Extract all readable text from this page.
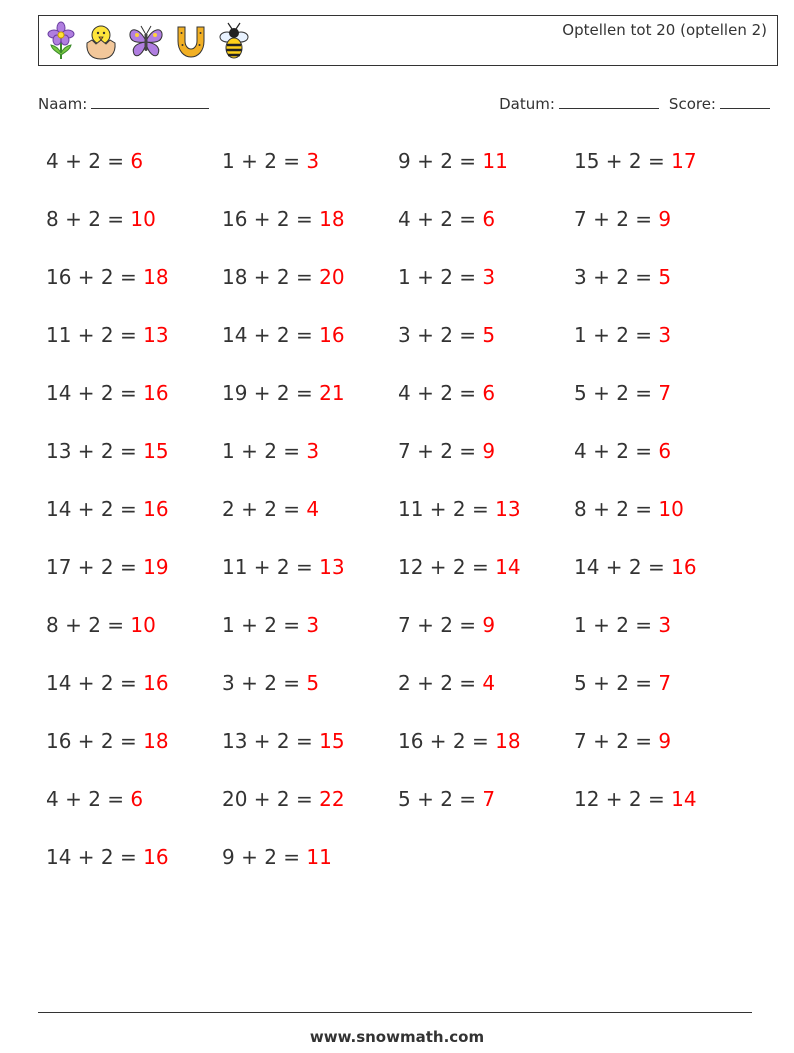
Optellen tot 20 (optellen 2)
Naam:	Datum:	Score:
4 + 2 = 6	1 + 2 = 3	9 + 2 = 11	15 + 2 = 17
8 + 2 = 10	16 + 2 = 18	4 + 2 = 6	7 + 2 = 9
16 + 2 = 18	18 + 2 = 20	1 + 2 = 3	3 + 2 = 5
11 + 2 = 13	14 + 2 = 16	3 + 2 = 5	1 + 2 = 3
14 + 2 = 16	19 + 2 = 21	4 + 2 = 6	5 + 2 = 7
13 + 2 = 15	1 + 2 = 3	7 + 2 = 9	4 + 2 = 6
14 + 2 = 16	2 + 2 = 4	11 + 2 = 13	8 + 2 = 10
17 + 2 = 19	11 + 2 = 13	12 + 2 = 14	14 + 2 = 16
8 + 2 = 10	1 + 2 = 3	7 + 2 = 9	1 + 2 = 3
14 + 2 = 16	3 + 2 = 5	2 + 2 = 4	5 + 2 = 7
16 + 2 = 18	13 + 2 = 15	16 + 2 = 18	7 + 2 = 9
4 + 2 = 6	20 + 2 = 22	5 + 2 = 7	12 + 2 = 14
14 + 2 = 16	9 + 2 = 11
www.snowmath.com
